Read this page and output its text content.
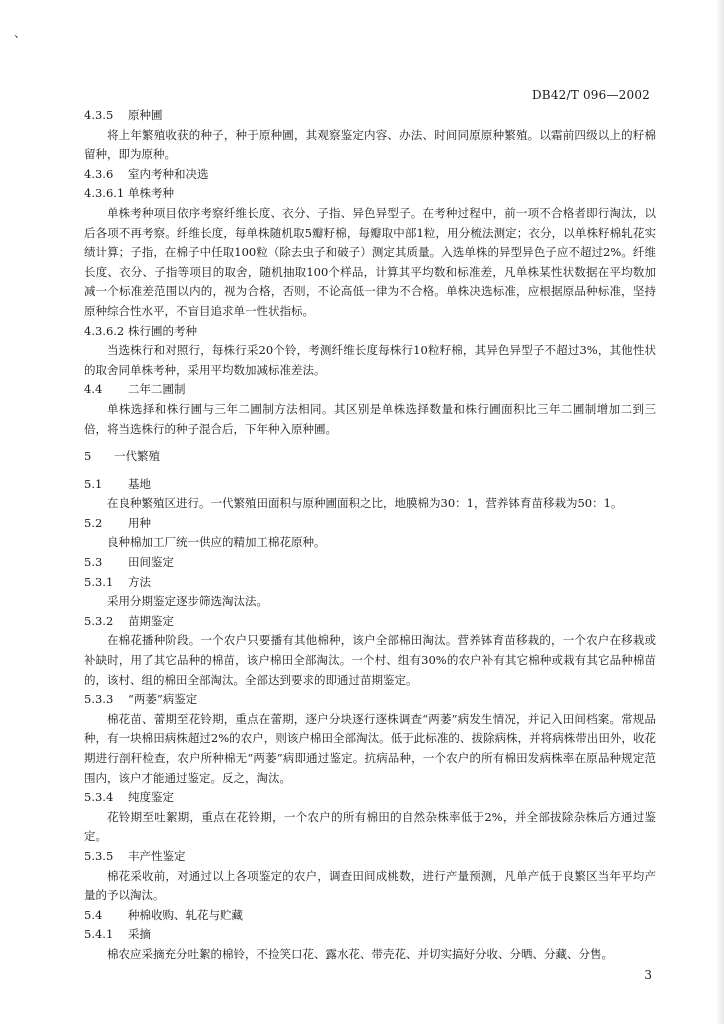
、
DB42/T 096—2002
4.3.5 原种圃
将上年繁殖收获的种子，种于原种圃，其观察鉴定内容、办法、时间同原原种繁殖。以霜前四级以上的籽棉留种，即为原种。
4.3.6 室内考种和决选
4.3.6.1 单株考种
单株考种项目依序考察纤维长度、衣分、子指、异色异型子。在考种过程中，前一项不合格者即行淘汰，以后各项不再考察。纤维长度，每单株随机取5瓣籽棉，每瓣取中部1粒，用分梳法测定；衣分，以单株籽棉轧花实绩计算；子指，在棉子中任取100粒（除去虫子和破子）测定其质量。入选单株的异型异色子应不超过2%。纤维长度、衣分、子指等项目的取舍，随机抽取100个样品，计算其平均数和标准差，凡单株某性状数据在平均数加减一个标准差范围以内的，视为合格，否则，不论高低一律为不合格。单株决选标准，应根据原品种标准，坚持原种综合性水平，不盲目追求单一性状指标。
4.3.6.2 株行圃的考种
当选株行和对照行，每株行采20个铃，考测纤维长度每株行10粒籽棉，其异色异型子不超过3%，其他性状的取舍同单株考种，采用平均数加减标准差法。
4.4 二年二圃制
单株选择和株行圃与三年二圃制方法相同。其区别是单株选择数量和株行圃面积比三年二圃制增加二到三倍，将当选株行的种子混合后，下年种入原种圃。
5 一代繁殖
5.1 基地
在良种繁殖区进行。一代繁殖田面积与原种圃面积之比，地膜棉为30：1，营养钵育苗移栽为50：1。
5.2 用种
良种棉加工厂统一供应的精加工棉花原种。
5.3 田间鉴定
5.3.1 方法
采用分期鉴定逐步筛选淘汰法。
5.3.2 苗期鉴定
在棉花播种阶段。一个农户只要播有其他棉种，该户全部棉田淘汰。营养钵育苗移栽的，一个农户在移栽或补缺时，用了其它品种的棉苗，该户棉田全部淘汰。一个村、组有30%的农户补有其它棉种或栽有其它品种棉苗的，该村、组的棉田全部淘汰。全部达到要求的即通过苗期鉴定。
5.3.3 “两萎”病鉴定
棉花苗、蕾期至花铃期，重点在蕾期，逐户分块逐行逐株调查“两萎”病发生情况，并记入田间档案。常规品种，有一块棉田病株超过2%的农户，则该户棉田全部淘汰。低于此标准的、拔除病株，并将病株带出田外，收花期进行剖秆检查，农户所种棉无“两萎”病即通过鉴定。抗病品种，一个农户的所有棉田发病株率在原品种规定范围内，该户才能通过鉴定。反之，淘汰。
5.3.4 纯度鉴定
花铃期至吐絮期，重点在花铃期，一个农户的所有棉田的自然杂株率低于2%，并全部拔除杂株后方通过鉴定。
5.3.5 丰产性鉴定
棉花采收前，对通过以上各项鉴定的农户，调查田间成桃数，进行产量预测，凡单产低于良繁区当年平均产量的予以淘汰。
5.4 种棉收购、轧花与贮藏
5.4.1 采摘
棉农应采摘充分吐絮的棉铃，不捡笑口花、露水花、带壳花、并切实搞好分收、分晒、分藏、分售。
3
